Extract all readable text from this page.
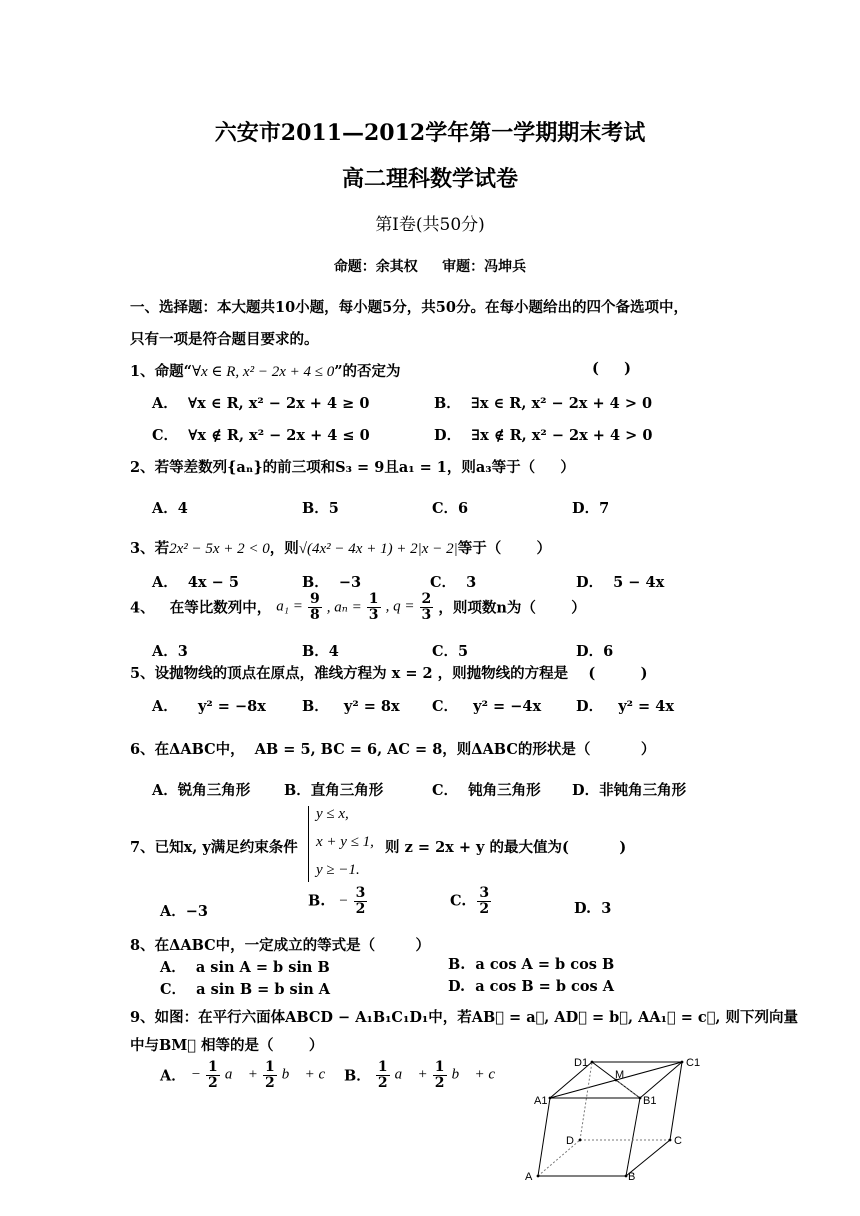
六安市2011—2012学年第一学期期末考试
高二理科数学试卷
第Ⅰ卷(共50分)
命题：余其权     审题：冯坤兵
一、选择题：本大题共10小题，每小题5分，共50分。在每小题给出的四个备选项中，
只有一项是符合题目要求的。
1、命题“∀x ∈ R, x² − 2x + 4 ≤ 0”的否定为	(     )
A．  ∀x ∈ R, x² − 2x + 4 ≥ 0	B．  ∃x ∈ R, x² − 2x + 4 > 0
C．  ∀x ∉ R, x² − 2x + 4 ≤ 0	D．  ∃x ∉ R, x² − 2x + 4 > 0
2、若等差数列{aₙ}的前三项和S₃ = 9且a₁ = 1，则a₃等于（     ）
A．4	B．5	C．6	D．7
3、若2x² − 5x + 2 < 0，则√(4x² − 4x + 1) + 2|x − 2|等于（       ）
A．  4x − 5	B．  −3	C．  3	D．  5 − 4x
4、   在等比数列中， $a_1 = \frac{9}{8}$ , $a_n = \frac{1}{3}$ , $q = \frac{2}{3}$ ，则项数n为（       ）
A．3	B．4	C．5	D．6
5、设抛物线的顶点在原点，准线方程为 x = 2 ，则抛物线的方程是    (         )
A．    y² = −8x B．   y² = 8x C．   y² = −4x D．   y² = 4x
6、在ΔABC中，  AB = 5, BC = 6, AC = 8，则ΔABC的形状是（          ）
A．锐角三角形 B．直角三角形	C．  钝角三角形 D．非钝角三角形
7、已知x, y满足约束条件
y ≤ x,
x + y ≤ 1,
y ≥ −1.
则 z = 2x + y 的最大值为(          )
A．−3
B. − $\frac{3}{2}$	C. $\frac{3}{2}$	D.  3
8、在ΔABC中，一定成立的等式是（        ）
A．  a sin A = b sin B	B.  a cos A = b cos B
C．  a sin B = b sin A	D.  a cos B = b cos A
9、如图：在平行六面体ABCD − A₁B₁C₁D₁中，若AB⃗ = a⃗, AD⃗ = b⃗, AA₁⃗ = c⃗, 则下列向量
中与BM⃗ 相等的是（       ）
A． − $\frac{1}{2}$ a⃗ + $\frac{1}{2}$ b⃗ + c⃗ B． $\frac{1}{2}$ a⃗ + $\frac{1}{2}$ b⃗ + c⃗
D1
M
C1
A1	B1
D	C
A	B
